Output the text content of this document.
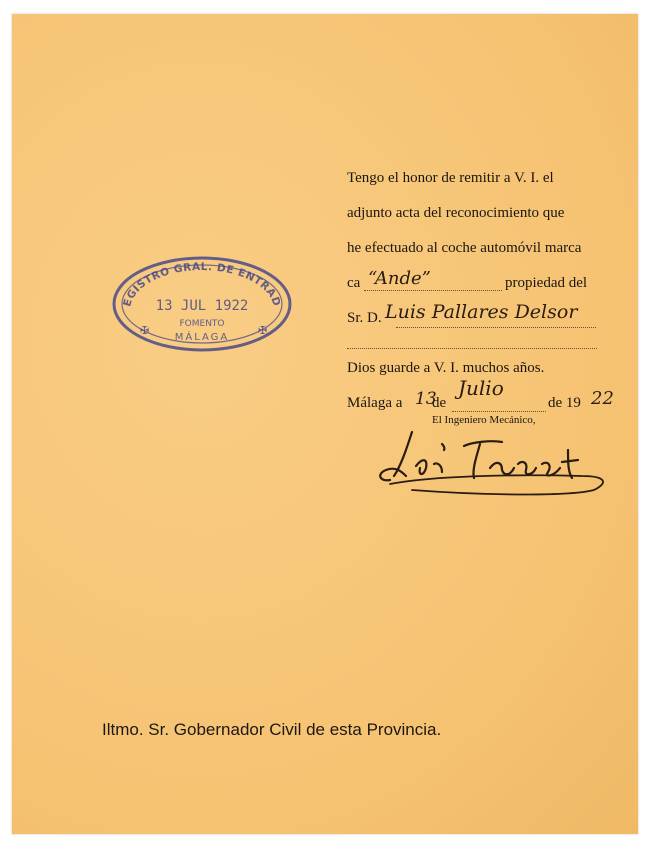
Tengo el honor de remitir a V. I. el
adjunto acta del reconocimiento que
he efectuado al coche automóvil marca
ca “Ande”	propiedad del
Sr. D. Luis Pallares Delsor
Dios guarde a V. I. muchos años.
Málaga a 13
de
Julio
de 19 22
El Ingeniero Mecánico,
EGISTRO GRAL. DE ENTRAD
13 JUL 1922
FOMENTO
MÁLAGA
✠	✠
Iltmo. Sr. Gobernador Civil de esta Provincia.
